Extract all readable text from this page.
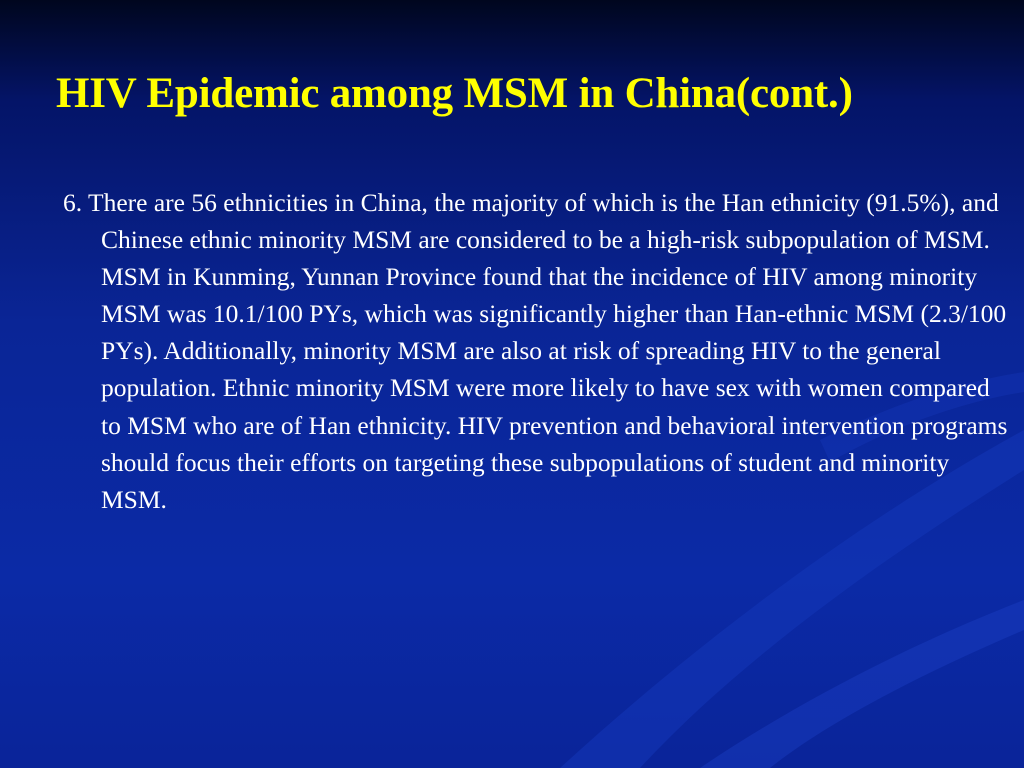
HIV Epidemic among MSM in China(cont.)

6. There are 56 ethnicities in China, the majority of which is the Han ethnicity (91.5%), and Chinese ethnic minority MSM are considered to be a high-risk subpopulation of MSM. MSM in Kunming, Yunnan Province found that the incidence of HIV among minority MSM was 10.1/100 PYs, which was significantly higher than Han-ethnic MSM (2.3/100 PYs). Additionally, minority MSM are also at risk of spreading HIV to the general population. Ethnic minority MSM were more likely to have sex with women compared to MSM who are of Han ethnicity. HIV prevention and behavioral intervention programs should focus their efforts on targeting these subpopulations of student and minority MSM.
